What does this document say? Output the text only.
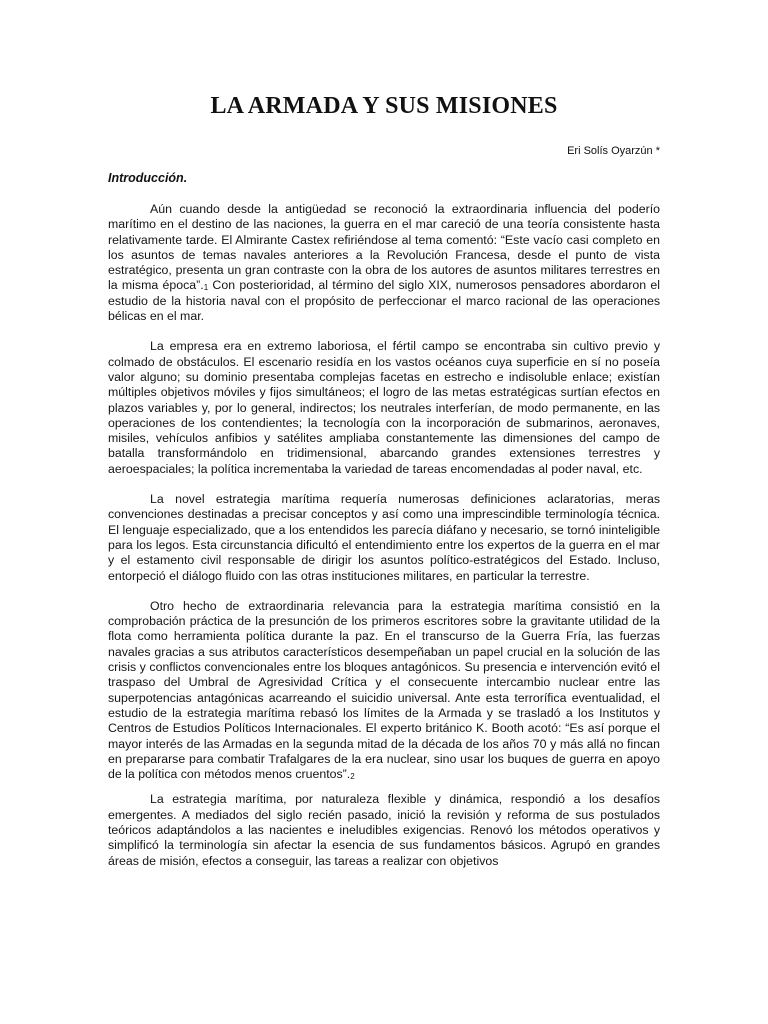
LA ARMADA Y SUS MISIONES

Eri Solís Oyarzún *

Introducción.

Aún cuando desde la antigüedad se reconoció la extraordinaria influencia del poderío marítimo en el destino de las naciones, la guerra en el mar careció de una teoría consistente hasta relativamente tarde. El Almirante Castex refiriéndose al tema comentó: “Este vacío casi completo en los asuntos de temas navales anteriores a la Revolución Francesa, desde el punto de vista estratégico, presenta un gran contraste con la obra de los autores de asuntos militares terrestres en la misma época”.$^1$ Con posterioridad, al término del siglo XIX, numerosos pensadores abordaron el estudio de la historia naval con el propósito de perfeccionar el marco racional de las operaciones bélicas en el mar.

La empresa era en extremo laboriosa, el fértil campo se encontraba sin cultivo previo y colmado de obstáculos. El escenario residía en los vastos océanos cuya superficie en sí no poseía valor alguno; su dominio presentaba complejas facetas en estrecho e indisoluble enlace; existían múltiples objetivos móviles y fijos simultáneos; el logro de las metas estratégicas surtían efectos en plazos variables y, por lo general, indirectos; los neutrales interferían, de modo permanente, en las operaciones de los contendientes; la tecnología con la incorporación de submarinos, aeronaves, misiles, vehículos anfibios y satélites ampliaba constantemente las dimensiones del campo de batalla transformándolo en tridimensional, abarcando grandes extensiones terrestres y aeroespaciales; la política incrementaba la variedad de tareas encomendadas al poder naval, etc.

La novel estrategia marítima requería numerosas definiciones aclaratorias, meras convenciones destinadas a precisar conceptos y así como una imprescindible terminología técnica. El lenguaje especializado, que a los entendidos les parecía diáfano y necesario, se tornó ininteligible para los legos. Esta circunstancia dificultó el entendimiento entre los expertos de la guerra en el mar y el estamento civil responsable de dirigir los asuntos político-estratégicos del Estado. Incluso, entorpeció el diálogo fluido con las otras instituciones militares, en particular la terrestre.

Otro hecho de extraordinaria relevancia para la estrategia marítima consistió en la comprobación práctica de la presunción de los primeros escritores sobre la gravitante utilidad de la flota como herramienta política durante la paz. En el transcurso de la Guerra Fría, las fuerzas navales gracias a sus atributos característicos desempeñaban un papel crucial en la solución de las crisis y conflictos convencionales entre los bloques antagónicos. Su presencia e intervención evitó el traspaso del Umbral de Agresividad Crítica y el consecuente intercambio nuclear entre las superpotencias antagónicas acarreando el suicidio universal. Ante esta terrorífica eventualidad, el estudio de la estrategia marítima rebasó los límites de la Armada y se trasladó a los Institutos y Centros de Estudios Políticos Internacionales. El experto británico K. Booth acotó: “Es así porque el mayor interés de las Armadas en la segunda mitad de la década de los años 70 y más allá no fincan en prepararse para combatir Trafalgares de la era nuclear, sino usar los buques de guerra en apoyo de la política con métodos menos cruentos”.$^2$

La estrategia marítima, por naturaleza flexible y dinámica, respondió a los desafíos emergentes. A mediados del siglo recién pasado, inició la revisión y reforma de sus postulados teóricos adaptándolos a las nacientes e ineludibles exigencias. Renovó los métodos operativos y simplificó la terminología sin afectar la esencia de sus fundamentos básicos. Agrupó en grandes áreas de misión, efectos a conseguir, las tareas a realizar con objetivos
